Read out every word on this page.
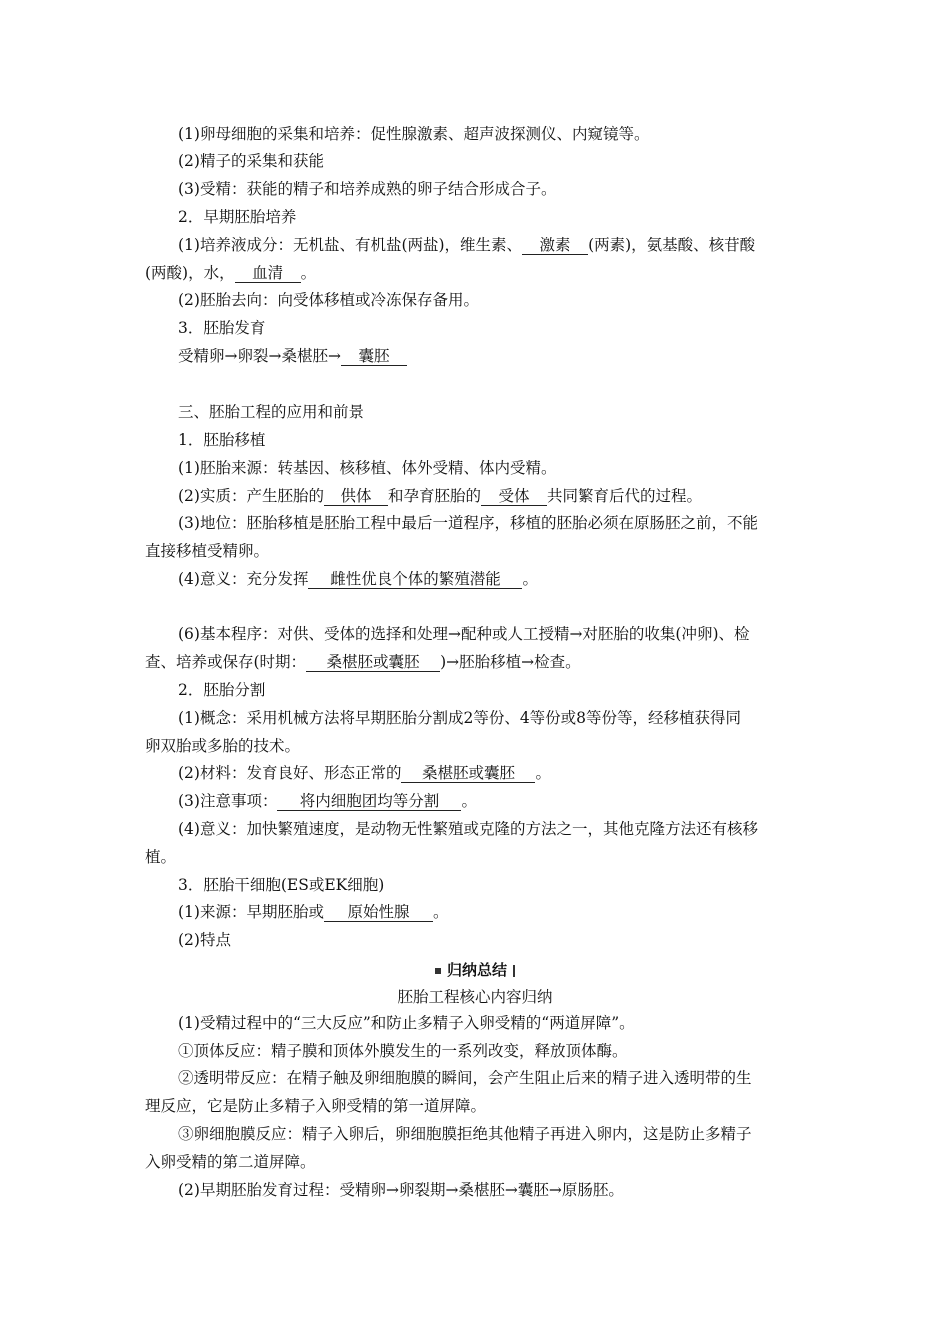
(1)卵母细胞的采集和培养：促性腺激素、超声波探测仪、内窥镜等。

(2)精子的采集和获能

(3)受精：获能的精子和培养成熟的卵子结合形成合子。

2．早期胚胎培养

(1)培养液成分：无机盐、有机盐(两盐)，维生素、 激素 (两素)，氨基酸、核苷酸

(两酸)，水， 血清 。

(2)胚胎去向：向受体移植或冷冻保存备用。

3．胚胎发育

受精卵→卵裂→桑椹胚→ 囊胚

三、胚胎工程的应用和前景

1．胚胎移植

(1)胚胎来源：转基因、核移植、体外受精、体内受精。

(2)实质：产生胚胎的 供体 和孕育胚胎的 受体 共同繁育后代的过程。

(3)地位：胚胎移植是胚胎工程中最后一道程序，移植的胚胎必须在原肠胚之前，不能

直接移植受精卵。

(4)意义：充分发挥 雌性优良个体的繁殖潜能 。

(6)基本程序：对供、受体的选择和处理→配种或人工授精→对胚胎的收集(冲卵)、检

查、培养或保存(时期： 桑椹胚或囊胚 )→胚胎移植→检查。

2．胚胎分割

(1)概念：采用机械方法将早期胚胎分割成2等份、4等份或8等份等，经移植获得同

卵双胎或多胎的技术。

(2)材料：发育良好、形态正常的 桑椹胚或囊胚 。

(3)注意事项： 将内细胞团均等分割 。

(4)意义：加快繁殖速度，是动物无性繁殖或克隆的方法之一，其他克隆方法还有核移

植。

3．胚胎干细胞(ES或EK细胞)

(1)来源：早期胚胎或 原始性腺 。

(2)特点

归纳总结
胚胎工程核心内容归纳

(1)受精过程中的“三大反应”和防止多精子入卵受精的“两道屏障”。

①顶体反应：精子膜和顶体外膜发生的一系列改变，释放顶体酶。

②透明带反应：在精子触及卵细胞膜的瞬间，会产生阻止后来的精子进入透明带的生

理反应，它是防止多精子入卵受精的第一道屏障。

③卵细胞膜反应：精子入卵后，卵细胞膜拒绝其他精子再进入卵内，这是防止多精子

入卵受精的第二道屏障。

(2)早期胚胎发育过程：受精卵→卵裂期→桑椹胚→囊胚→原肠胚。
